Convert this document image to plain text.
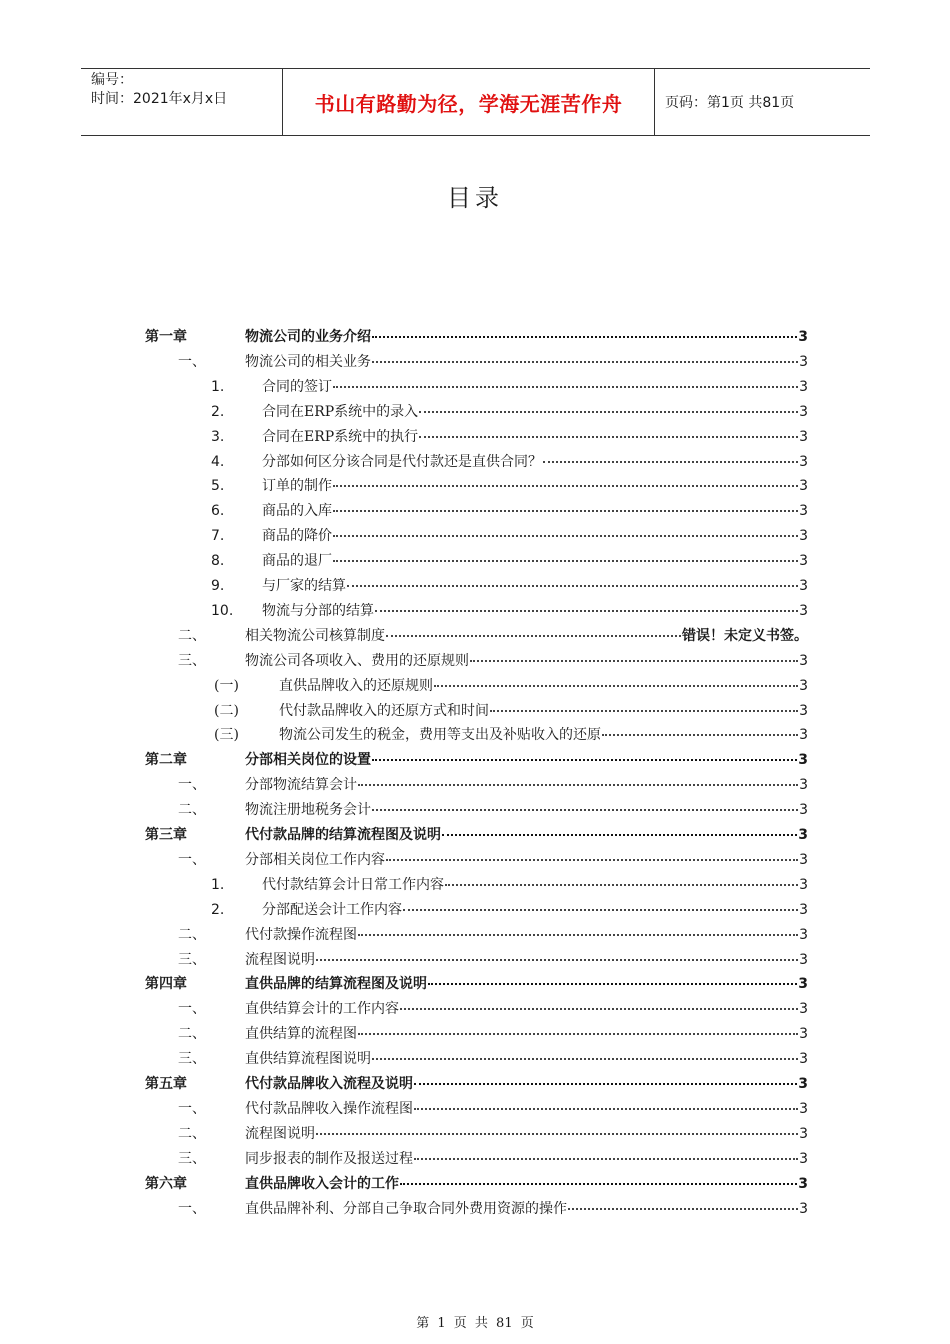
编号：
时间：2021年x月x日	书山有路勤为径，学海无涯苦作舟	页码：第1页 共81页
目录
第一章	物流公司的业务介绍	3
一、	物流公司的相关业务	3
1.	合同的签订	3
2.	合同在ERP系统中的录入	3
3.	合同在ERP系统中的执行	3
4.	分部如何区分该合同是代付款还是直供合同？	3
5.	订单的制作	3
6.	商品的入库	3
7.	商品的降价	3
8.	商品的退厂	3
9.	与厂家的结算	3
10. 物流与分部的结算	3
二、	相关物流公司核算制度	错误！未定义书签。
三、	物流公司各项收入、费用的还原规则	3
(一)	直供品牌收入的还原规则	3
(二)	代付款品牌收入的还原方式和时间	3
(三)	物流公司发生的税金，费用等支出及补贴收入的还原	3
第二章	分部相关岗位的设置	3
一、	分部物流结算会计	3
二、	物流注册地税务会计	3
第三章	代付款品牌的结算流程图及说明	3
一、	分部相关岗位工作内容	3
1.	代付款结算会计日常工作内容	3
2.	分部配送会计工作内容	3
二、	代付款操作流程图	3
三、	流程图说明	3
第四章	直供品牌的结算流程图及说明	3
一、	直供结算会计的工作内容	3
二、	直供结算的流程图	3
三、	直供结算流程图说明	3
第五章	代付款品牌收入流程及说明	3
一、	代付款品牌收入操作流程图	3
二、	流程图说明	3
三、	同步报表的制作及报送过程	3
第六章	直供品牌收入会计的工作	3
一、	直供品牌补利、分部自己争取合同外费用资源的操作	3
第 1 页 共 81 页
